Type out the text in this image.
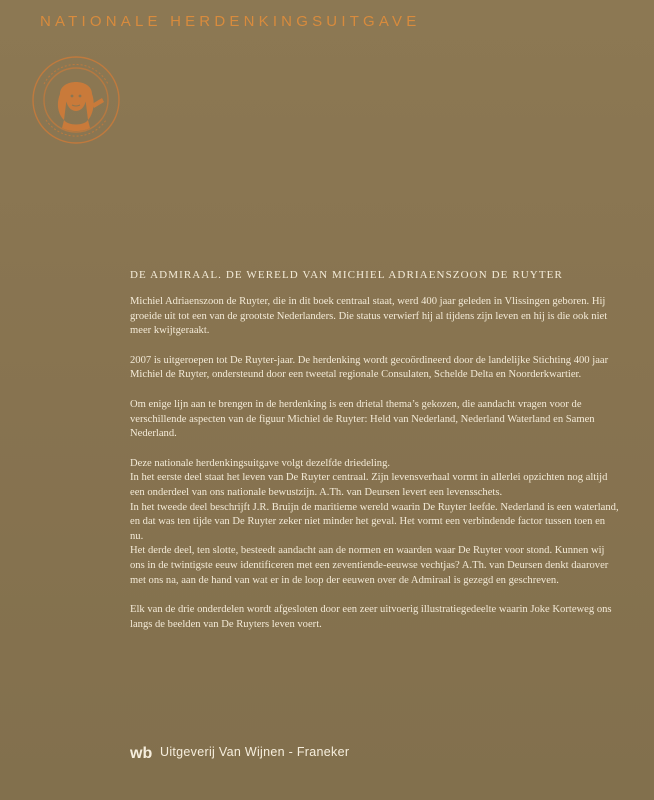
NATIONALE HERDENKINGSUITGAVE
DE ADMIRAAL. DE WERELD VAN MICHIEL ADRIAENSZOON DE RUYTER

Michiel Adriaenszoon de Ruyter, die in dit boek centraal staat, werd 400 jaar geleden in Vlissingen geboren. Hij groeide uit tot een van de grootste Nederlanders. Die status verwierf hij al tijdens zijn leven en hij is die ook niet meer kwijtgeraakt.

2007 is uitgeroepen tot De Ruyter-jaar. De herdenking wordt gecoördineerd door de landelijke Stichting 400 jaar Michiel de Ruyter, ondersteund door een tweetal regionale Consulaten, Schelde Delta en Noorderkwartier.

Om enige lijn aan te brengen in de herdenking is een drietal thema’s gekozen, die aandacht vragen voor de verschillende aspecten van de figuur Michiel de Ruyter: Held van Nederland, Nederland Waterland en Samen Nederland.

Deze nationale herdenkingsuitgave volgt dezelfde driedeling.

In het eerste deel staat het leven van De Ruyter centraal. Zijn levensverhaal vormt in allerlei opzichten nog altijd een onderdeel van ons nationale bewustzijn. A.Th. van Deursen levert een levensschets.

In het tweede deel beschrijft J.R. Bruijn de maritieme wereld waarin De Ruyter leefde. Nederland is een waterland, en dat was ten tijde van De Ruyter zeker niet minder het geval. Het vormt een verbindende factor tussen toen en nu.

Het derde deel, ten slotte, besteedt aandacht aan de normen en waarden waar De Ruyter voor stond. Kunnen wij ons in de twintigste eeuw identificeren met een zeventiende-eeuwse vechtjas? A.Th. van Deursen denkt daarover met ons na, aan de hand van wat er in de loop der eeuwen over de Admiraal is gezegd en geschreven.

Elk van de drie onderdelen wordt afgesloten door een zeer uitvoerig illustratiegedeelte waarin Joke Korteweg ons langs de beelden van De Ruyters leven voert.

wb Uitgeverij Van Wijnen - Franeker
